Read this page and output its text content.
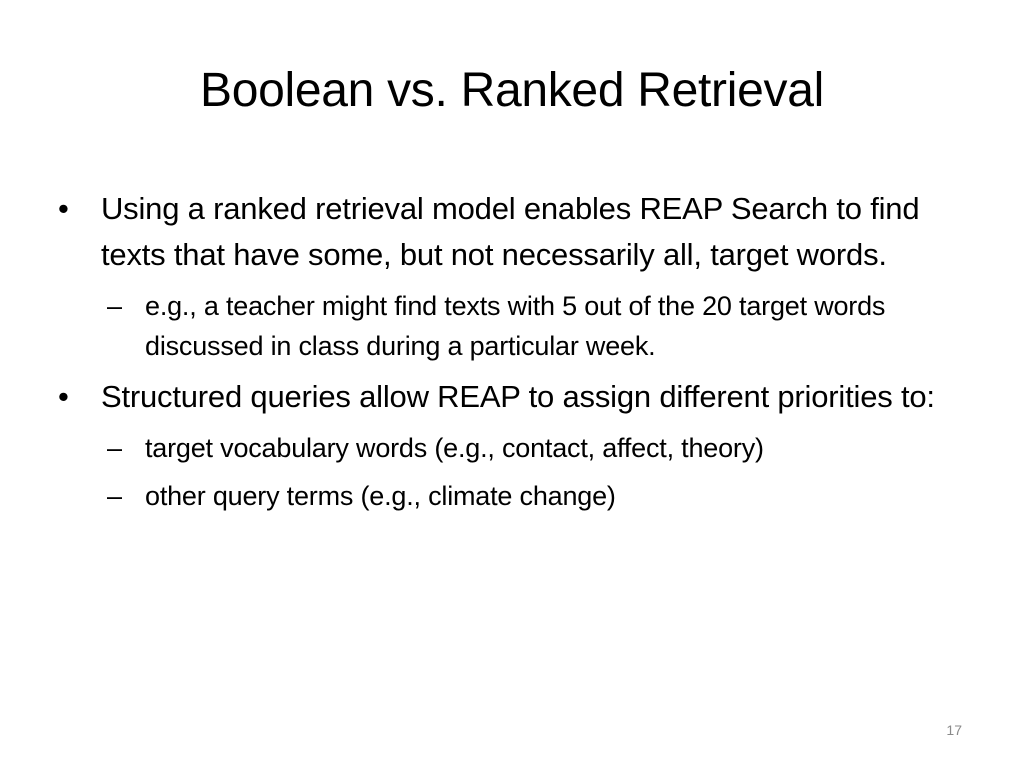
Boolean vs. Ranked Retrieval
• Using a ranked retrieval model enables REAP Search to find texts that have some, but not necessarily all, target words.
– e.g., a teacher might find texts with 5 out of the 20 target words discussed in class during a particular week.
• Structured queries allow REAP to assign different priorities to:
– target vocabulary words (e.g., contact, affect, theory)
– other query terms (e.g., climate change)
17
